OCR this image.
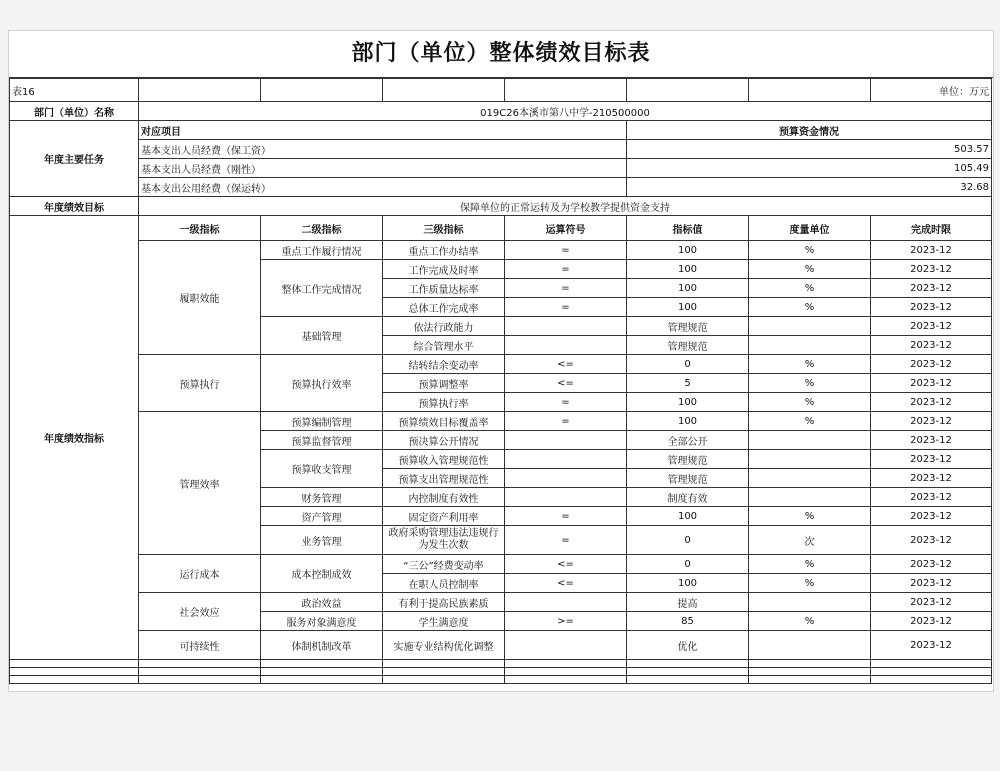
部门（单位）整体绩效目标表
表16							单位：万元
部门（单位）名称	019C26本溪市第八中学-210500000						
年度主要任务	对应项目				预算资金情况		
	基本支出人员经费（保工资）				503.57		
	基本支出人员经费（刚性）				105.49		
	基本支出公用经费（保运转）				32.68		
年度绩效目标	保障单位的正常运转及为学校教学提供资金支持						
年度绩效指标	一级指标	二级指标	三级指标	运算符号	指标值	度量单位	完成时限
	履职效能	重点工作履行情况	重点工作办结率	=	100	%	2023-12
		整体工作完成情况	工作完成及时率	=	100	%	2023-12
			工作质量达标率	=	100	%	2023-12
			总体工作完成率	=	100	%	2023-12
		基础管理	依法行政能力		管理规范		2023-12
			综合管理水平		管理规范		2023-12
	预算执行	预算执行效率	结转结余变动率	<=	0	%	2023-12
			预算调整率	<=	5	%	2023-12
			预算执行率	=	100	%	2023-12
	管理效率	预算编制管理	预算绩效目标覆盖率	=	100	%	2023-12
		预算监督管理	预决算公开情况		全部公开		2023-12
		预算收支管理	预算收入管理规范性		管理规范		2023-12
			预算支出管理规范性		管理规范		2023-12
		财务管理	内控制度有效性		制度有效		2023-12
		资产管理	固定资产利用率	=	100	%	2023-12
		业务管理	政府采购管理违法违规行为发生次数	=	0	次	2023-12
	运行成本	成本控制成效	“三公”经费变动率	<=	0	%	2023-12
			在职人员控制率	<=	100	%	2023-12
	社会效应	政治效益	有利于提高民族素质		提高		2023-12
		服务对象满意度	学生满意度	>=	85	%	2023-12
	可持续性	体制机制改革	实施专业结构优化调整		优化		2023-12
